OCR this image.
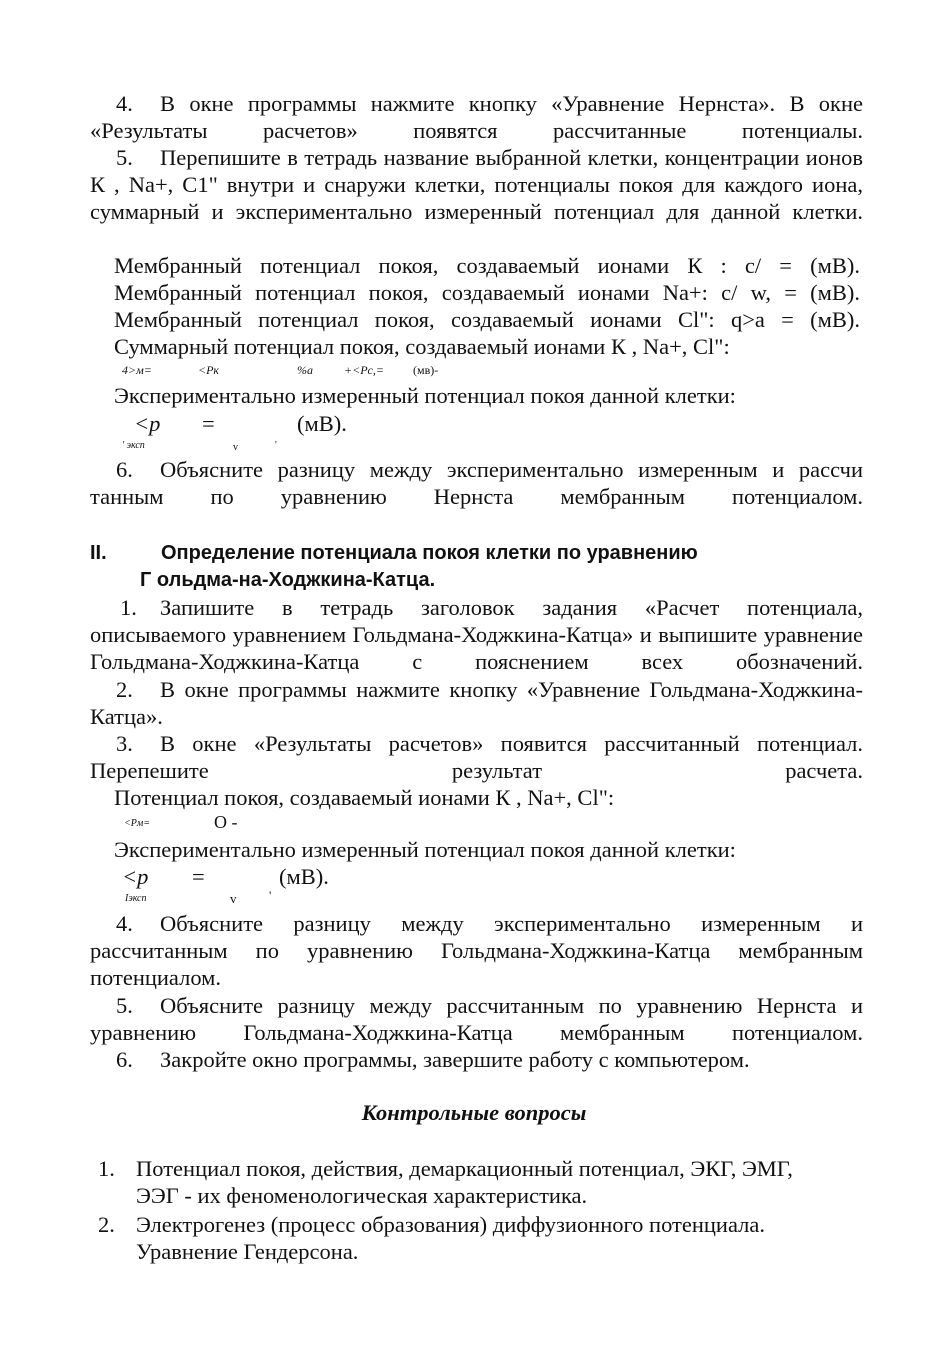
4. В окне программы нажмите кнопку «Уравнение Нернста». В окне «Результаты расчетов» появятся рассчитанные потенциалы.
5. Перепишите в тетрадь название выбранной клетки, концентрации ионов К , Na+, С1" внутри и снаружи клетки, потенциалы покоя для каждого иона, суммарный и экспериментально измеренный потенциал для данной клетки.
Мембранный потенциал покоя, создаваемый ионами К : с/ = (мВ).
Мембранный потенциал покоя, создаваемый ионами Na+: с/ w, = (мВ).
Мембранный потенциал покоя, создаваемый ионами Cl": q>a = (мВ).
Суммарный потенциал покоя, создаваемый ионами К , Na+, Cl":
4>м=	<Рк	%а	+<Рс,= (мв)-
Экспериментально измеренный потенциал покоя данной клетки:
<р =	(мВ).
' эксп	v	'
6. Объясните разницу между экспериментально измеренным и рассчи танным по уравнению Нернста мембранным потенциалом.
II.	Определение потенциала покоя клетки по уравнению
Г ольдма-на-Ходжкина-Катца.
1. Запишите в тетрадь заголовок задания «Расчет потенциала, описываемого уравнением Гольдмана-Ходжкина-Катца» и выпишите уравнение Гольдмана-Ходжкина-Катца с пояснением всех обозначений.
2. В окне программы нажмите кнопку «Уравнение Гольдмана-Ходжкина-Катца».
3. В окне «Результаты расчетов» появится рассчитанный потенциал. Перепешите результат расчета.
Потенциал покоя, создаваемый ионами К , Na+, Cl":
<Рм=	О -
Экспериментально измеренный потенциал покоя данной клетки:
<р =	(мВ).
Iэксп	v	'
4. Объясните разницу между экспериментально измеренным и рассчитанным по уравнению Гольдмана-Ходжкина-Катца мембранным потенциалом.
5. Объясните разницу между рассчитанным по уравнению Нернста и уравнению Гольдмана-Ходжкина-Катца мембранным потенциалом.
6. Закройте окно программы, завершите работу с компьютером.
Контрольные вопросы
1. Потенциал покоя, действия, демаркационный потенциал, ЭКГ, ЭМГ,
ЭЭГ - их феноменологическая характеристика.
2. Электрогенез (процесс образования) диффузионного потенциала.
Уравнение Гендерсона.
